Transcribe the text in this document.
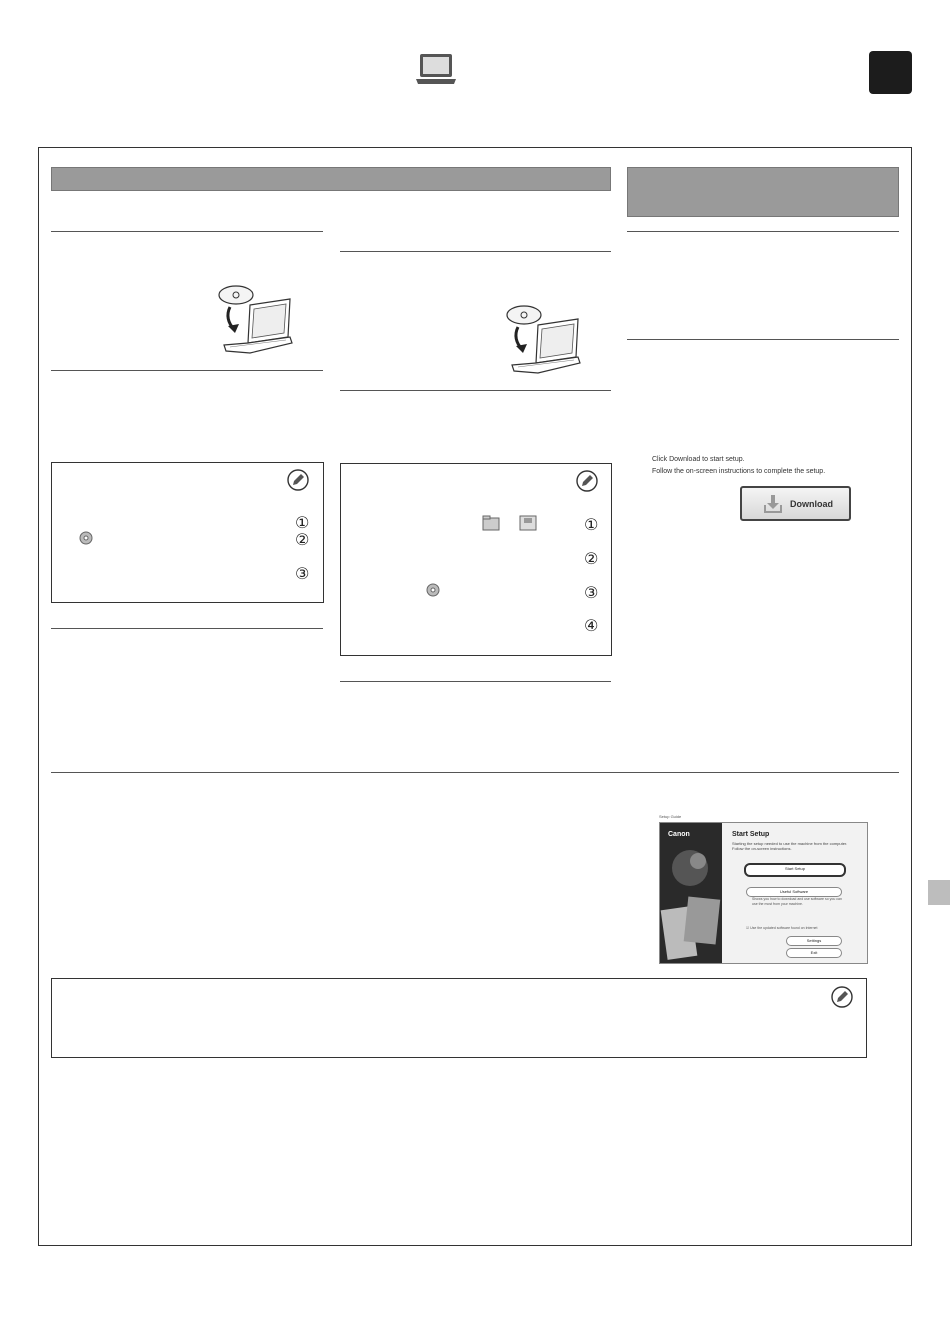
①
②
③
①
②
③
④
Click Download to start setup.
Follow the on-screen instructions to complete the setup.
Download
Setup Guide
Canon	Start Setup
Starting the setup needed to use the machine from the computer. Follow the on-screen instructions.
Start Setup
Useful Software
Shows you how to download and use software so you can use the most from your machine.
☑ Use the updated software found on Internet
Settings
Exit
